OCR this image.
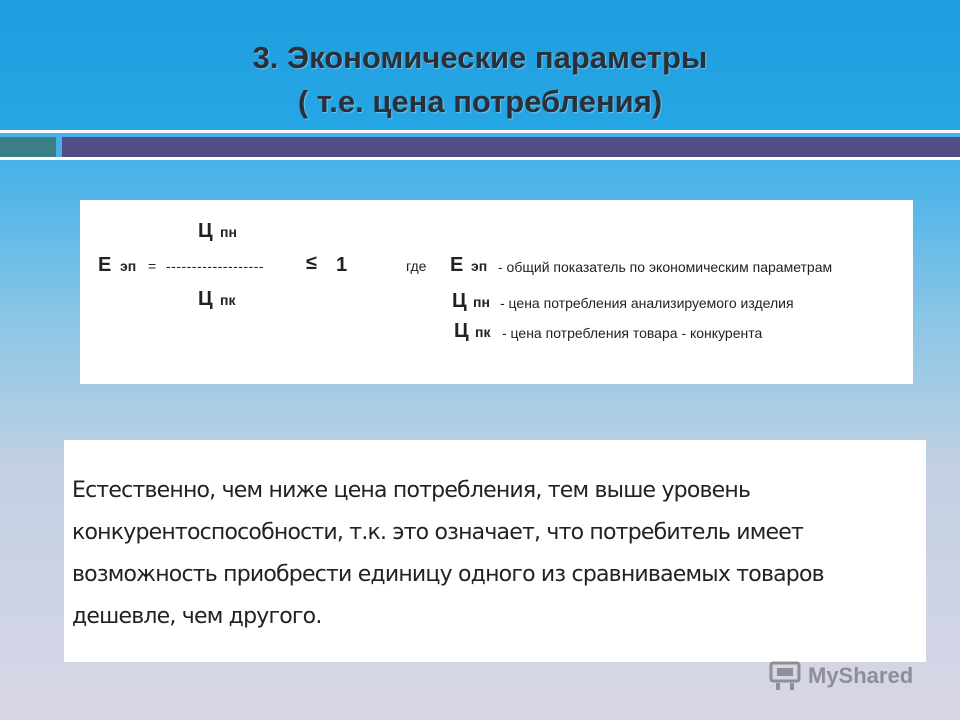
3. Экономические параметры
( т.е. цена потребления)
Ц пн
Е эп = ------------------- ≤ 1
Ц пк
где Е эп - общий показатель по экономическим параметрам
Ц пн - цена потребления анализируемого изделия
Ц пк - цена потребления товара - конкурента
Естественно, чем ниже цена потребления, тем выше уровень
конкурентоспособности, т.к. это означает, что потребитель имеет
возможность приобрести единицу одного из сравниваемых товаров
дешевле, чем другого.
MyShared
